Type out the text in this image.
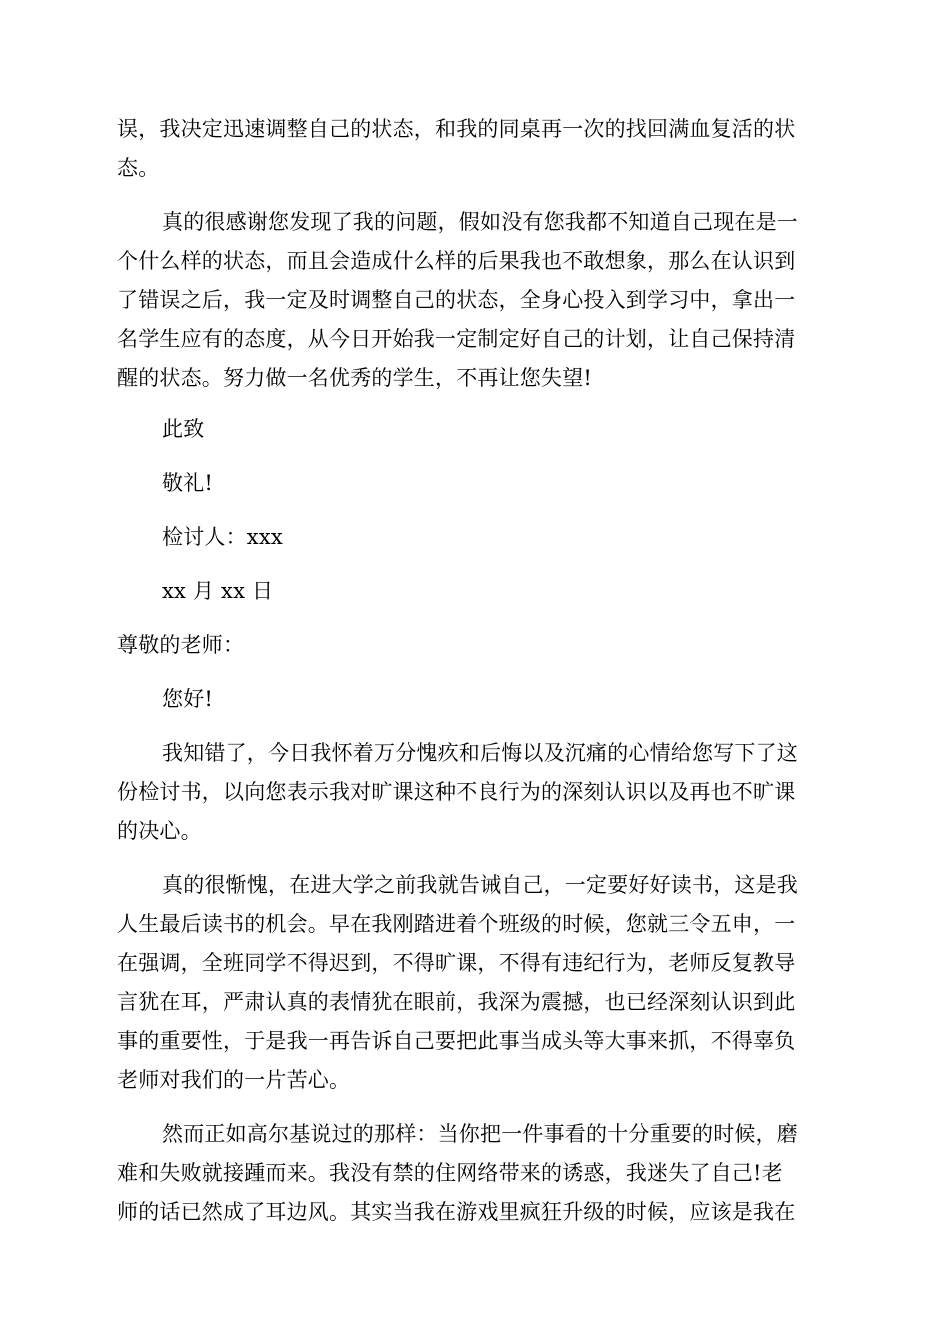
误，我决定迅速调整自己的状态，和我的同桌再一次的找回满血复活的状
态。
真的很感谢您发现了我的问题，假如没有您我都不知道自己现在是一
个什么样的状态，而且会造成什么样的后果我也不敢想象，那么在认识到
了错误之后，我一定及时调整自己的状态，全身心投入到学习中，拿出一
名学生应有的态度，从今日开始我一定制定好自己的计划，让自己保持清
醒的状态。努力做一名优秀的学生，不再让您失望!
此致
敬礼!
检讨人：xxx
xx 月 xx 日
尊敬的老师：
您好!
我知错了，今日我怀着万分愧疚和后悔以及沉痛的心情给您写下了这
份检讨书，以向您表示我对旷课这种不良行为的深刻认识以及再也不旷课
的决心。
真的很惭愧，在进大学之前我就告诫自己，一定要好好读书，这是我
人生最后读书的机会。早在我刚踏进着个班级的时候，您就三令五申，一
在强调，全班同学不得迟到，不得旷课，不得有违纪行为，老师反复教导
言犹在耳，严肃认真的表情犹在眼前，我深为震撼，也已经深刻认识到此
事的重要性，于是我一再告诉自己要把此事当成头等大事来抓，不得辜负
老师对我们的一片苦心。
然而正如高尔基说过的那样：当你把一件事看的十分重要的时候，磨
难和失败就接踵而来。我没有禁的住网络带来的诱惑，我迷失了自己!老
师的话已然成了耳边风。其实当我在游戏里疯狂升级的时候，应该是我在
